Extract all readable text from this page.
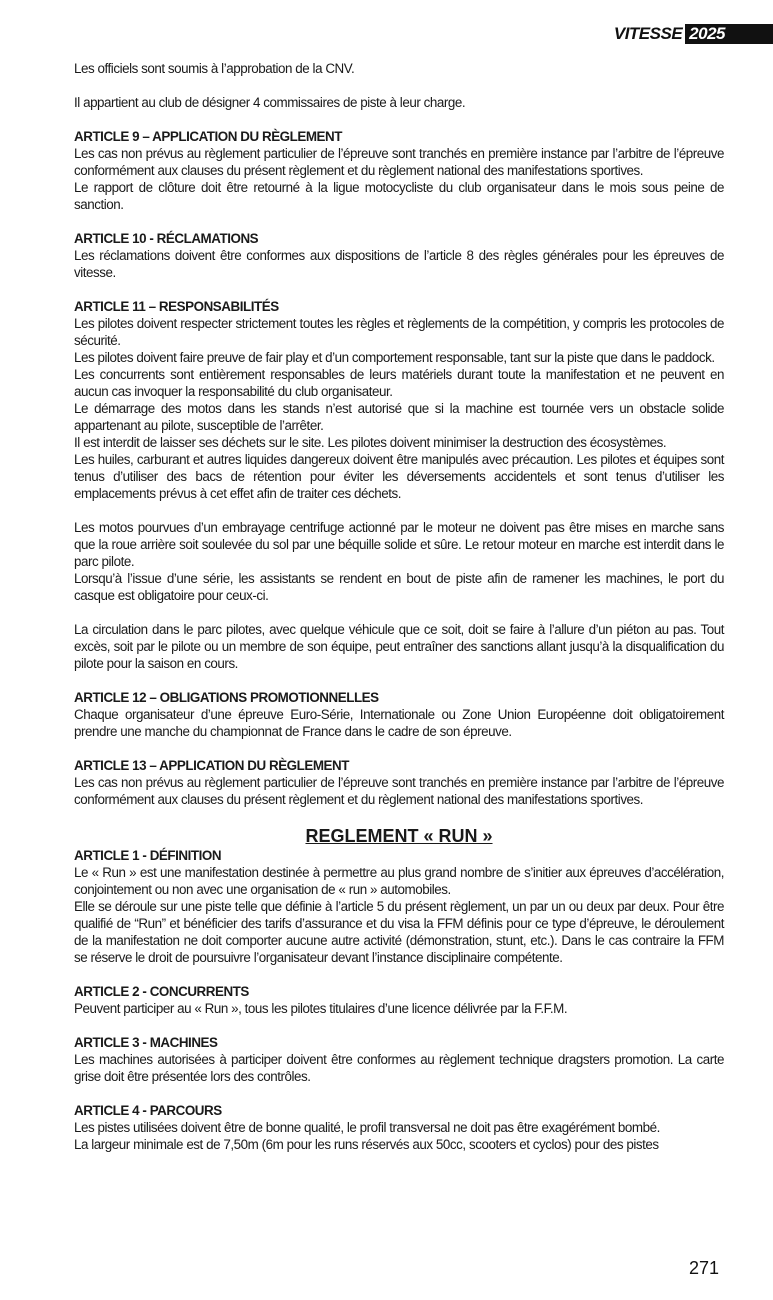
VITESSE 2025

Les officiels sont soumis à l’approbation de la CNV.

Il appartient au club de désigner 4 commissaires de piste à leur charge.

ARTICLE 9 – APPLICATION DU RÈGLEMENT

Les cas non prévus au règlement particulier de l’épreuve sont tranchés en première instance par l’arbitre de l’épreuve conformément aux clauses du présent règlement et du règlement national des manifestations sportives.

Le rapport de clôture doit être retourné à la ligue motocycliste du club organisateur dans le mois sous peine de sanction.

ARTICLE 10 - RÉCLAMATIONS

Les réclamations doivent être conformes aux dispositions de l’article 8 des règles générales pour les épreuves de vitesse.

ARTICLE 11 – RESPONSABILITÉS

Les pilotes doivent respecter strictement toutes les règles et règlements de la compétition, y compris les protocoles de sécurité.

Les pilotes doivent faire preuve de fair play et d’un comportement responsable, tant sur la piste que dans le paddock.

Les concurrents sont entièrement responsables de leurs matériels durant toute la manifestation et ne peuvent en aucun cas invoquer la responsabilité du club organisateur.

Le démarrage des motos dans les stands n’est autorisé que si la machine est tournée vers un obstacle solide appartenant au pilote, susceptible de l’arrêter.

Il est interdit de laisser ses déchets sur le site. Les pilotes doivent minimiser la destruction des écosystèmes.

Les huiles, carburant et autres liquides dangereux doivent être manipulés avec précaution. Les pilotes et équipes sont tenus d’utiliser des bacs de rétention pour éviter les déversements accidentels et sont tenus d’utiliser les emplacements prévus à cet effet afin de traiter ces déchets.

Les motos pourvues d’un embrayage centrifuge actionné par le moteur ne doivent pas être mises en marche sans que la roue arrière soit soulevée du sol par une béquille solide et sûre. Le retour moteur en marche est interdit dans le parc pilote.

Lorsqu’à l’issue d’une série, les assistants se rendent en bout de piste afin de ramener les machines, le port du casque est obligatoire pour ceux-ci.

La circulation dans le parc pilotes, avec quelque véhicule que ce soit, doit se faire à l’allure d’un piéton au pas. Tout excès, soit par le pilote ou un membre de son équipe, peut entraîner des sanctions allant jusqu’à la disqualification du pilote pour la saison en cours.

ARTICLE 12 – OBLIGATIONS PROMOTIONNELLES

Chaque organisateur d’une épreuve Euro-Série, Internationale ou Zone Union Européenne doit obligatoirement prendre une manche du championnat de France dans le cadre de son épreuve.

ARTICLE 13 – APPLICATION DU RÈGLEMENT

Les cas non prévus au règlement particulier de l’épreuve sont tranchés en première instance par l’arbitre de l’épreuve conformément aux clauses du présent règlement et du règlement national des manifestations sportives.

REGLEMENT « RUN »

ARTICLE 1 - DÉFINITION

Le « Run » est une manifestation destinée à permettre au plus grand nombre de s’initier aux épreuves d’accélération, conjointement ou non avec une organisation de « run » automobiles.

Elle se déroule sur une piste telle que définie à l’article 5 du présent règlement, un par un ou deux par deux. Pour être qualifié de “Run” et bénéficier des tarifs d’assurance et du visa la FFM définis pour ce type d’épreuve, le déroulement de la manifestation ne doit comporter aucune autre activité (démonstration, stunt, etc.). Dans le cas contraire la FFM se réserve le droit de poursuivre l’organisateur devant l’instance disciplinaire compétente.

ARTICLE 2 - CONCURRENTS

Peuvent participer au « Run », tous les pilotes titulaires d’une licence délivrée par la F.F.M.

ARTICLE 3 - MACHINES

Les machines autorisées à participer doivent être conformes au règlement technique dragsters promotion. La carte grise doit être présentée lors des contrôles.

ARTICLE 4 - PARCOURS

Les pistes utilisées doivent être de bonne qualité, le profil transversal ne doit pas être exagérément bombé.

La largeur minimale est de 7,50m (6m pour les runs réservés aux 50cc, scooters et cyclos) pour des pistes

271
